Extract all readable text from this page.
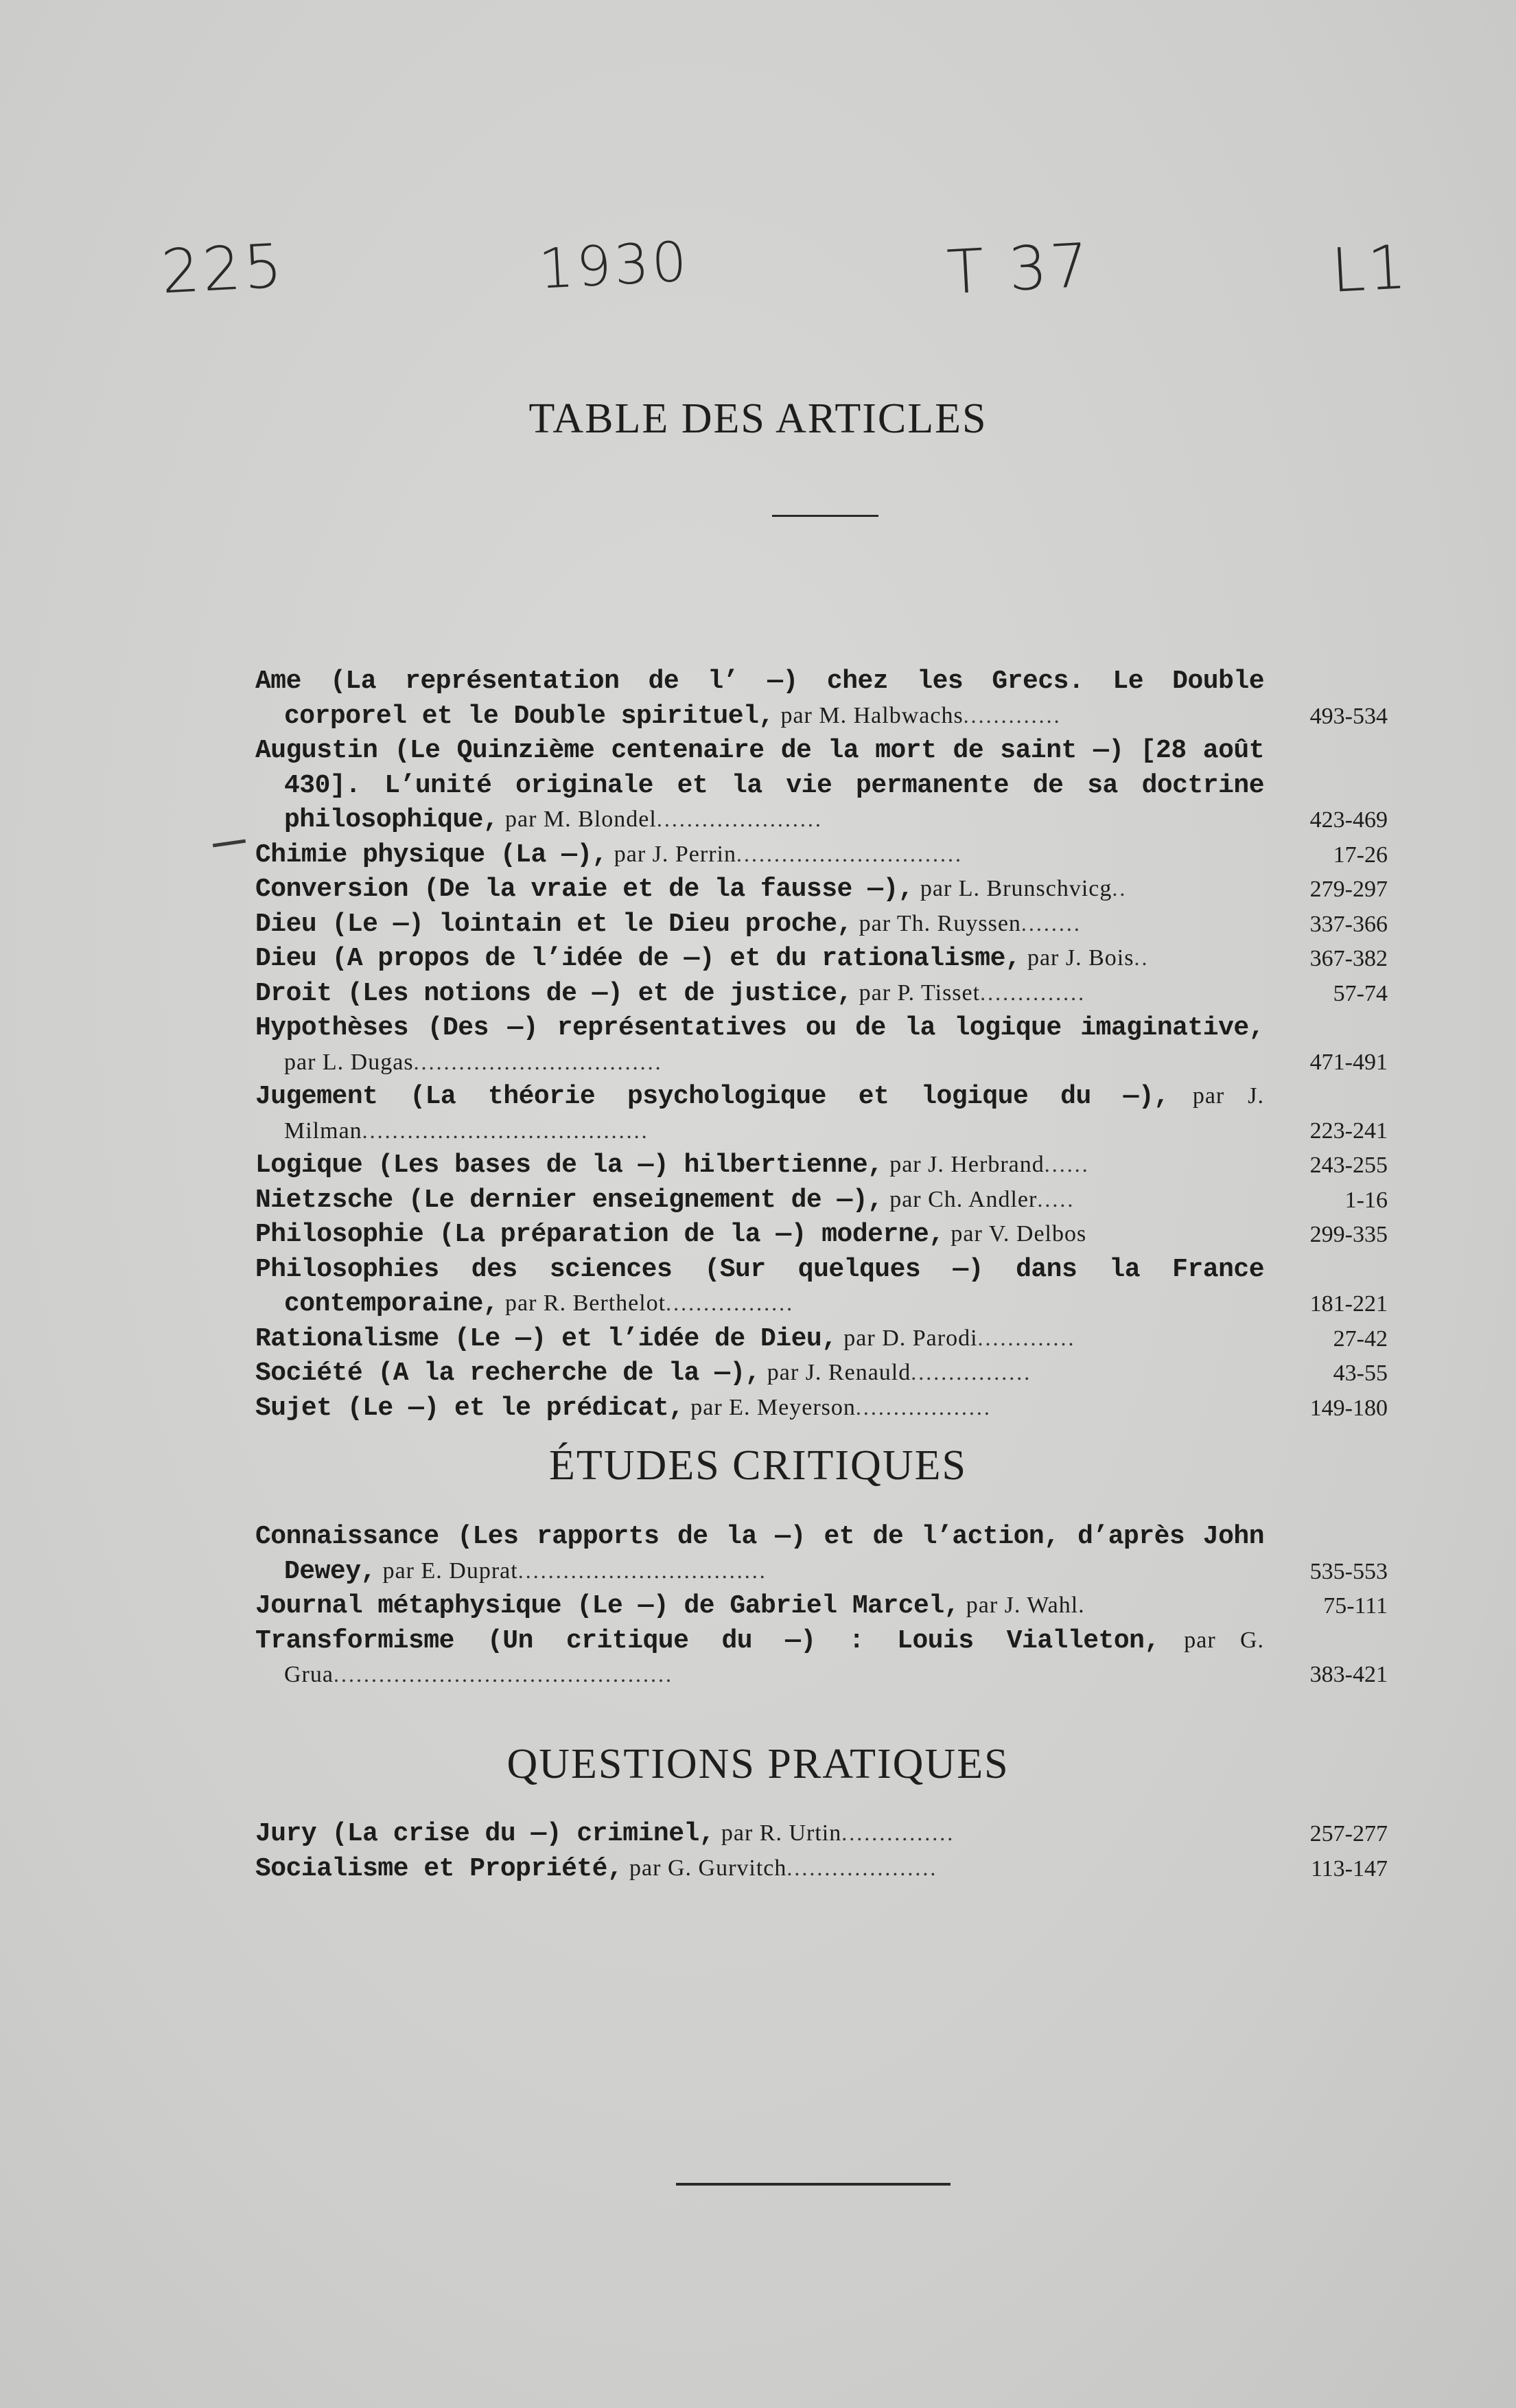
225	1930	T 37	L1
TABLE DES ARTICLES
Ame (La représentation de l’ —) chez les Grecs. Le Double corporel et le Double spirituel, par M. Halbwachs.............	493-534
Augustin (Le Quinzième centenaire de la mort de saint —) [28 août 430]. L’unité originale et la vie permanente de sa doctrine philosophique, par M. Blondel......................	423-469
Chimie physique (La —), par J. Perrin..............................	17-26
Conversion (De la vraie et de la fausse —), par L. Brunschvicg..	279-297
Dieu (Le —) lointain et le Dieu proche, par Th. Ruyssen........	337-366
Dieu (A propos de l’idée de —) et du rationalisme, par J. Bois..	367-382
Droit (Les notions de —) et de justice, par P. Tisset..............	57-74
Hypothèses (Des —) représentatives ou de la logique imaginative, par L. Dugas.................................	471-491
Jugement (La théorie psychologique et logique du —), par J. Milman......................................	223-241
Logique (Les bases de la —) hilbertienne, par J. Herbrand......	243-255
Nietzsche (Le dernier enseignement de —), par Ch. Andler.....	1-16
Philosophie (La préparation de la —) moderne, par V. Delbos	299-335
Philosophies des sciences (Sur quelques —) dans la France contemporaine, par R. Berthelot.................	181-221
Rationalisme (Le —) et l’idée de Dieu, par D. Parodi.............	27-42
Société (A la recherche de la —), par J. Renauld................	43-55
Sujet (Le —) et le prédicat, par E. Meyerson..................	149-180
ÉTUDES CRITIQUES
Connaissance (Les rapports de la —) et de l’action, d’après John Dewey, par E. Duprat.................................	535-553
Journal métaphysique (Le —) de Gabriel Marcel, par J. Wahl.	75-111
Transformisme (Un critique du —) : Louis Vialleton, par G. Grua.............................................	383-421
QUESTIONS PRATIQUES
Jury (La crise du —) criminel, par R. Urtin...............	257-277
Socialisme et Propriété, par G. Gurvitch....................	113-147
